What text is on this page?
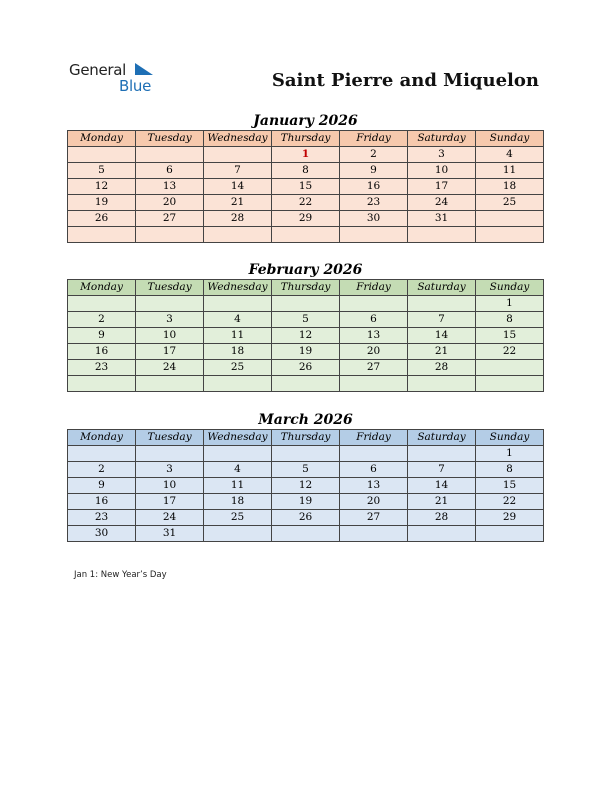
General
Blue	Saint Pierre and Miquelon
January 2026
Monday	Tuesday	Wednesday	Thursday	Friday	Saturday	Sunday
			1	2	3	4
5	6	7	8	9	10	11
12	13	14	15	16	17	18
19	20	21	22	23	24	25
26	27	28	29	30	31	

February 2026
Monday	Tuesday	Wednesday	Thursday	Friday	Saturday	Sunday
						1
2	3	4	5	6	7	8
9	10	11	12	13	14	15
16	17	18	19	20	21	22
23	24	25	26	27	28	

March 2026
Monday	Tuesday	Wednesday	Thursday	Friday	Saturday	Sunday
						1
2	3	4	5	6	7	8
9	10	11	12	13	14	15
16	17	18	19	20	21	22
23	24	25	26	27	28	29
30	31					
Jan 1: New Year’s Day
